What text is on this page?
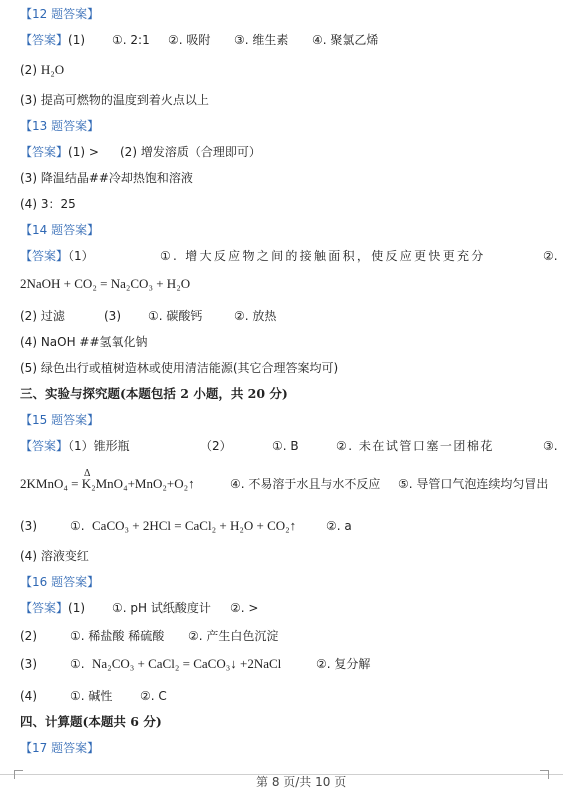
【12 题答案】
【答案】(1) ①. 2:1 ②. 吸附 ③. 维生素 ④. 聚氯乙烯
(2) H₂O
(3) 提高可燃物的温度到着火点以上
【13 题答案】
【答案】(1) > (2) 增发溶质（合理即可）
(3) 降温结晶##冷却热饱和溶液
(4) 3：25
【14 题答案】
【答案】（1）	①. 增大反应物之间的接触面积，使反应更快更充分	②.
2NaOH + CO₂ = Na₂CO₃ + H₂O
(2) 过滤	(3) ①. 碳酸钙	②. 放热
(4) NaOH ##氢氧化钠
(5) 绿色出行或植树造林或使用清洁能源(其它合理答案均可)
三、实验与探究题(本题包括 2 小题，共 20 分)
【15 题答案】
【答案】（1）锥形瓶	（2）	①. B	②. 未在试管口塞一团棉花	③.
2KMnO₄ = K₂MnO₄+MnO₂+O₂↑
Δ
④. 不易溶于水且与水不反应 ⑤. 导管口气泡连续均匀冒出
(3)	①. CaCO₃ + 2HCl = CaCl₂ + H₂O + CO₂↑ ②. a
(4) 溶液变红
【16 题答案】
【答案】(1) ①. pH 试纸酸度计 ②. >
(2)	①. 稀盐酸 稀硫酸 ②. 产生白色沉淀
(3)	①. Na₂CO₃ + CaCl₂ = CaCO₃↓ +2NaCl	②. 复分解
(4)	①. 碱性 ②. C
四、计算题(本题共 6 分)
【17 题答案】
第 8 页/共 10 页
